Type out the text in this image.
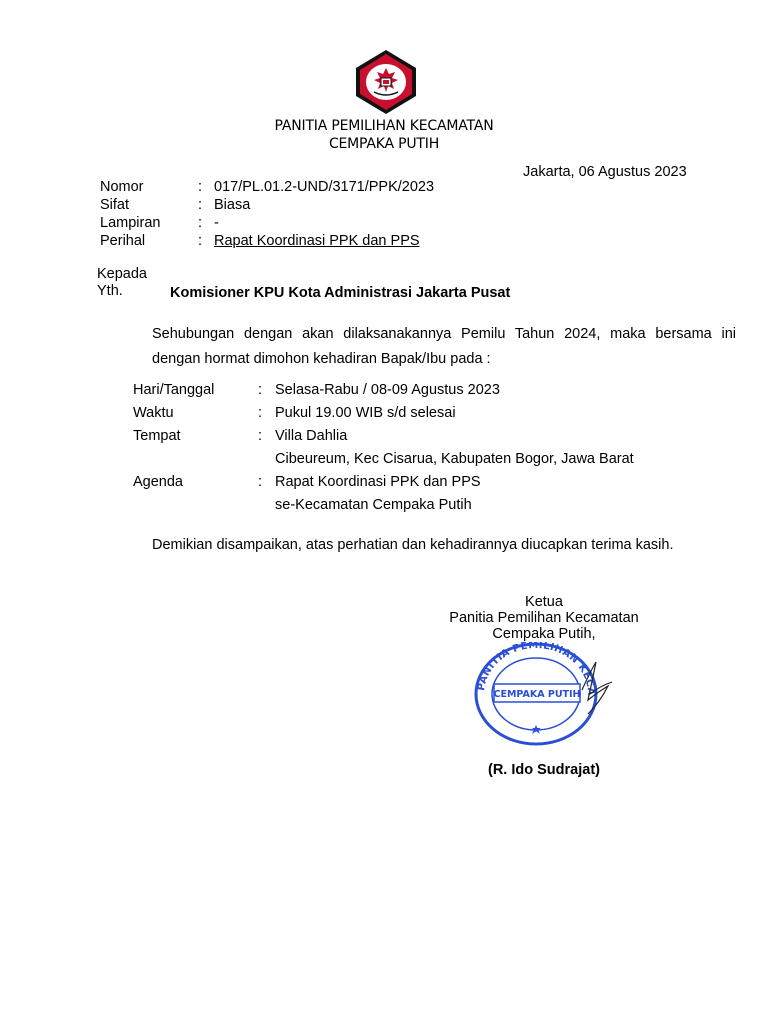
PANITIA PEMILIHAN KECAMATAN
CEMPAKA PUTIH
Jakarta, 06 Agustus 2023
Nomor	: 017/PL.01.2-UND/3171/PPK/2023
Sifat	: Biasa
Lampiran	: -
Perihal	: Rapat Koordinasi PPK dan PPS
Kepada
Yth.	Komisioner KPU Kota Administrasi Jakarta Pusat
Sehubungan dengan akan dilaksanakannya Pemilu Tahun 2024, maka bersama ini dengan hormat dimohon kehadiran Bapak/Ibu pada :
Hari/Tanggal	: Selasa-Rabu / 08-09 Agustus 2023
Waktu	: Pukul 19.00 WIB s/d selesai
Tempat	: Villa Dahlia
Cibeureum, Kec Cisarua, Kabupaten Bogor, Jawa Barat
Agenda	: Rapat Koordinasi PPK dan PPS
se-Kecamatan Cempaka Putih
Demikian disampaikan, atas perhatian dan kehadirannya diucapkan terima kasih.
Ketua
Panitia Pemilihan Kecamatan
Cempaka Putih,
PANITIA PEMILIHAN KECA
CEMPAKA PUTIH
(R. Ido Sudrajat)
